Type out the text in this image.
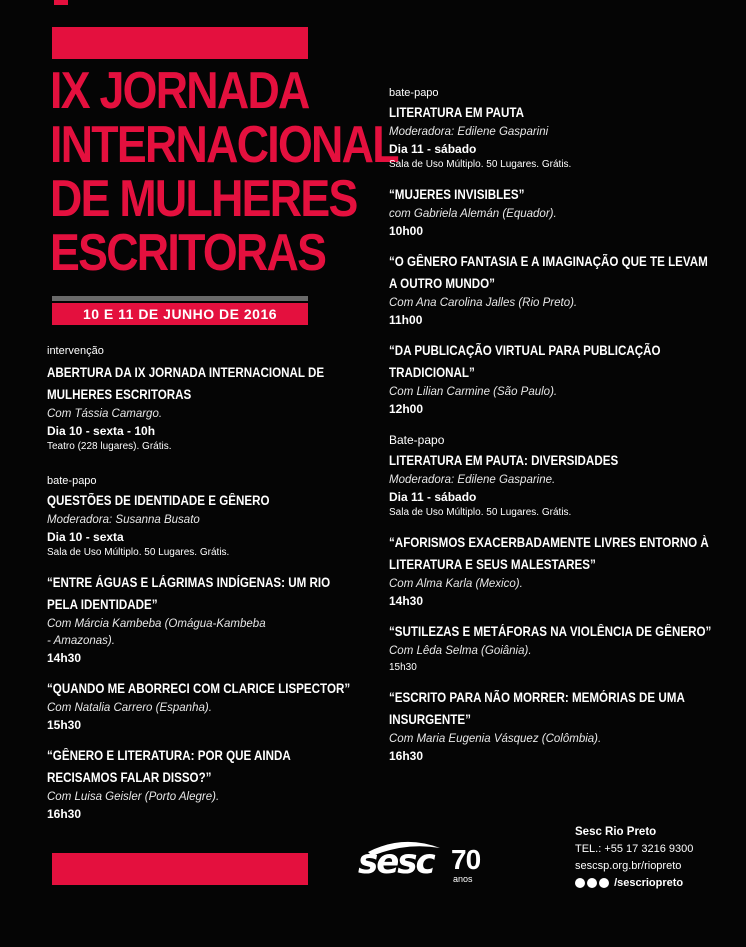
IX JORNADA
INTERNACIONAL
DE MULHERES
ESCRITORAS
10 E 11 DE JUNHO DE 2016
intervenção
ABERTURA DA IX JORNADA INTERNACIONAL DE
MULHERES ESCRITORAS
Com Tássia Camargo.
Dia 10 - sexta - 10h
Teatro (228 lugares). Grátis.
bate-papo
QUESTÕES DE IDENTIDADE E GÊNERO
Moderadora: Susanna Busato
Dia 10 - sexta
Sala de Uso Múltiplo. 50 Lugares. Grátis.
“ENTRE ÁGUAS E LÁGRIMAS INDÍGENAS: UM RIO
PELA IDENTIDADE”
Com Márcia Kambeba (Omágua-Kambeba
- Amazonas).
14h30
“QUANDO ME ABORRECI COM CLARICE LISPECTOR”
Com Natalia Carrero (Espanha).
15h30
“GÊNERO E LITERATURA: POR QUE AINDA
RECISAMOS FALAR DISSO?”
Com Luisa Geisler (Porto Alegre).
16h30
bate-papo
LITERATURA EM PAUTA
Moderadora: Edilene Gasparini
Dia 11 - sábado
Sala de Uso Múltiplo. 50 Lugares. Grátis.
“MUJERES INVISIBLES”
com Gabriela Alemán (Equador).
10h00
“O GÊNERO FANTASIA E A IMAGINAÇÃO QUE TE LEVAM
A OUTRO MUNDO”
Com Ana Carolina Jalles (Rio Preto).
11h00
“DA PUBLICAÇÃO VIRTUAL PARA PUBLICAÇÃO
TRADICIONAL”
Com Lilian Carmine (São Paulo).
12h00
Bate-papo
LITERATURA EM PAUTA: DIVERSIDADES
Moderadora: Edilene Gasparine.
Dia 11 - sábado
Sala de Uso Múltiplo. 50 Lugares. Grátis.
“AFORISMOS EXACERBADAMENTE LIVRES ENTORNO À
LITERATURA E SEUS MALESTARES”
Com Alma Karla (Mexico).
14h30
“SUTILEZAS E METÁFORAS NA VIOLÊNCIA DE GÊNERO”
Com Lêda Selma (Goiânia).
15h30
“ESCRITO PARA NÃO MORRER: MEMÓRIAS DE UMA
INSURGENTE”
Com Maria Eugenia Vásquez (Colômbia).
16h30
sesc 70
anos
Sesc Rio Preto
TEL.: +55 17 3216 9300
sescsp.org.br/riopreto
/sescriopreto
